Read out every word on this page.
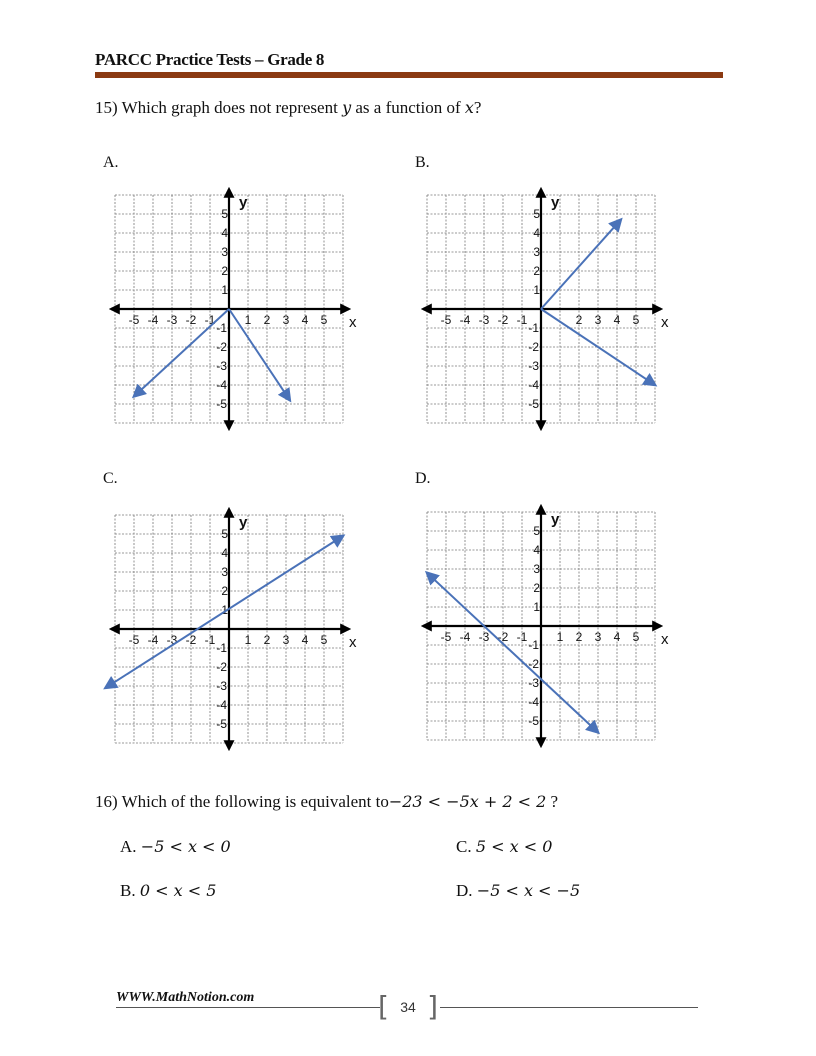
PARCC Practice Tests – Grade 8
15) Which graph does not represent y as a function of x?
A.	B.
C.	D.
-5 -4 -3 -2 -1 1 2 3 4 5
5
4
3
2
1
-1
-2
-3
-4
-5
x
y
-5 -4 -3 -2 -1	2 3 4 5
5
4
3
2
1
-1
-2
-3
-4
-5
x
y
-5 -4 -3 -2 -1 1 2 3 4 5
5
4
3
2
1
-1
-2
-3
-4
-5
x
y
-5 -4 -3 -2 -1 1 2 3 4 5
5
4
3
2
1
-1
-2
-3
-4
-5
x
y
16) Which of the following is equivalent to−23 < −5x + 2 < 2 ?
A. −5 < x < 0	C. 5 < x < 0
B. 0 < x < 5	D. −5 < x < −5
WWW.MathNotion.com	[ 34 ]
